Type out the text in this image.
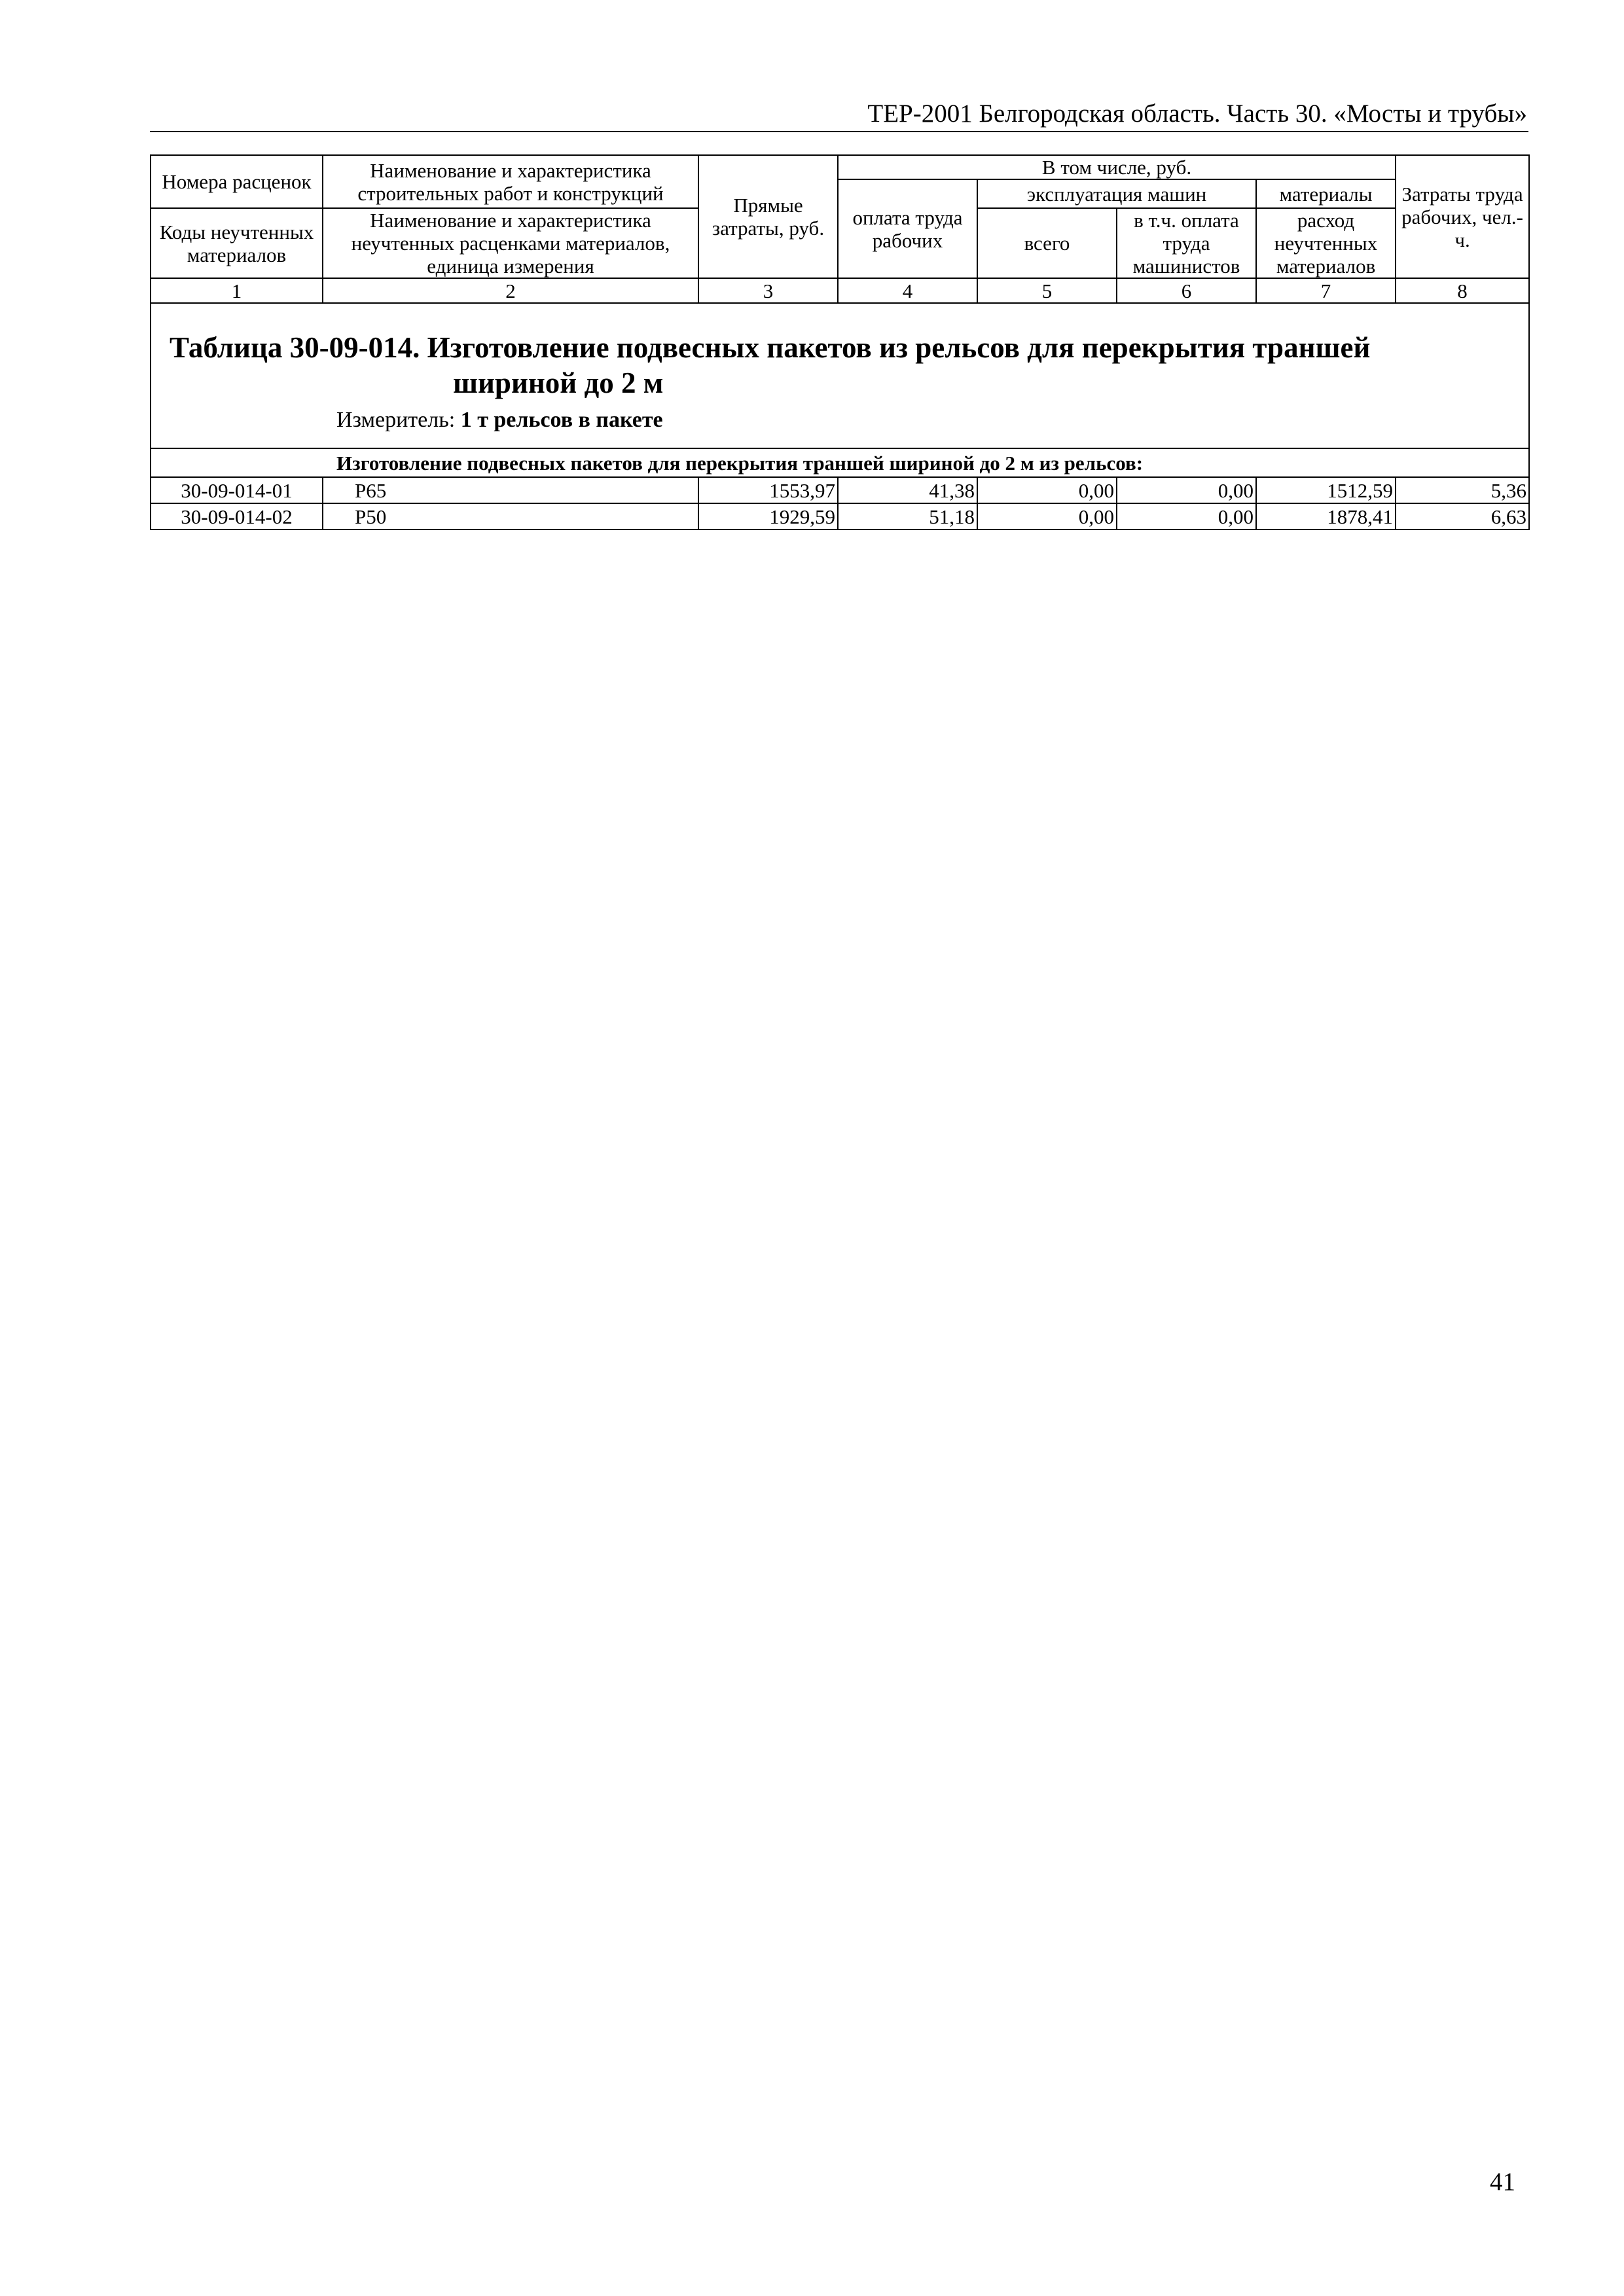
ТЕР-2001 Белгородская область. Часть 30. «Мосты и трубы»
Номера расценок	Наименование и характеристика строительных работ и конструкций	Прямые затраты, руб.	В том числе, руб.				Затраты труда рабочих, чел.-ч.
			оплата труда рабочих	эксплуатация машин		материалы	
Коды неучтенных материалов	Наименование и характеристика неучтенных расценками материалов, единица измерения			всего	в т.ч. оплата труда машинистов	расход неучтенных материалов	

1	2	3	4	5	6	7	8

Таблица 30-09-014. Изготовление подвесных пакетов из рельсов для перекрытия траншей
шириной до 2 м
Измеритель: 1 т рельсов в пакете							

Изготовление подвесных пакетов для перекрытия траншей шириной до 2 м из рельсов:							
30-09-014-01	Р65	1553,97	41,38	0,00	0,00	1512,59	5,36
30-09-014-02	Р50	1929,59	51,18	0,00	0,00	1878,41	6,63
41
